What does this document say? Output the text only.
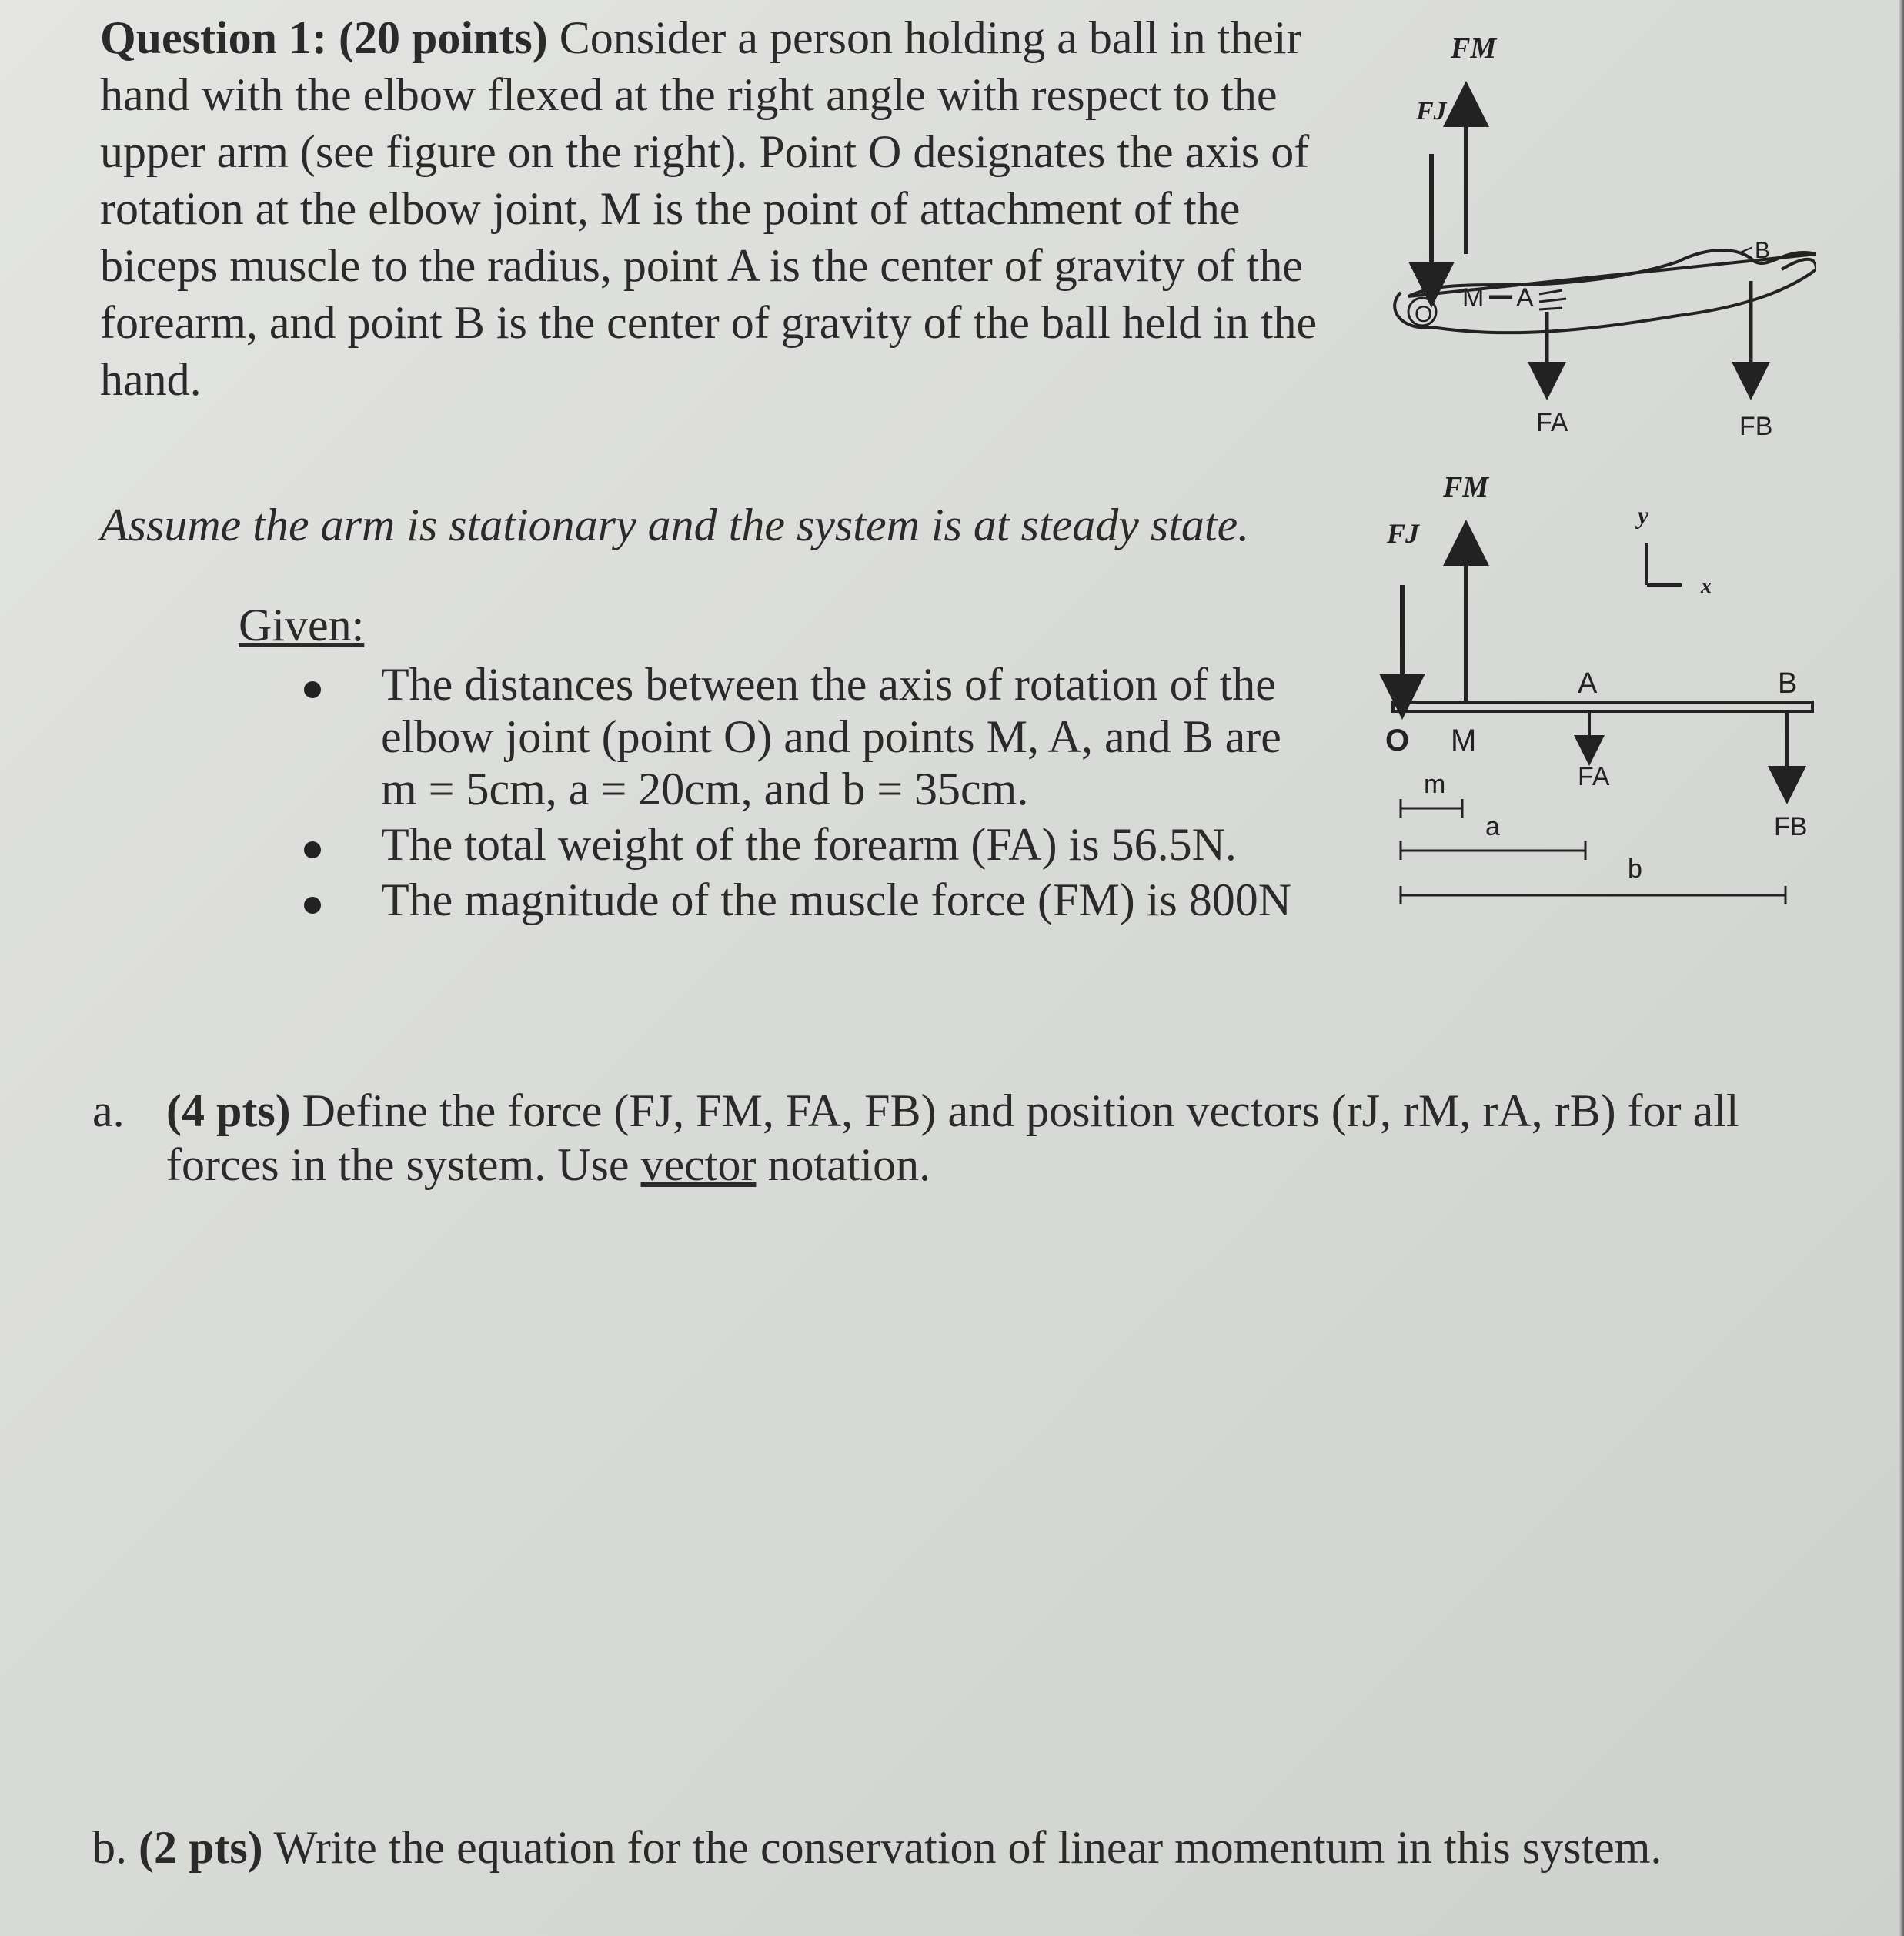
Question 1: (20 points) Consider a person holding a ball in their hand with the elbow flexed at the right angle with respect to the upper arm (see figure on the right). Point O designates the axis of rotation at the elbow joint, M is the point of attachment of the biceps muscle to the radius, point A is the center of gravity of the forearm, and point B is the center of gravity of the ball held in the hand.
Assume the arm is stationary and the system is at steady state.
Given:
The distances between the axis of rotation of the elbow joint (point O) and points M, A, and B are m = 5cm, a = 20cm, and b = 35cm.
The total weight of the forearm (FA) is 56.5N.
The magnitude of the muscle force (FM) is 800N
FM
FJ
O
M A
< B
FA	FB
FM
FJ
y
x
A	B
O M
FA
FB
m
a
b
a. (4 pts) Define the force (FJ, FM, FA, FB) and position vectors (rJ, rM, rA, rB) for all forces in the system. Use vector notation.
b. (2 pts) Write the equation for the conservation of linear momentum in this system.
